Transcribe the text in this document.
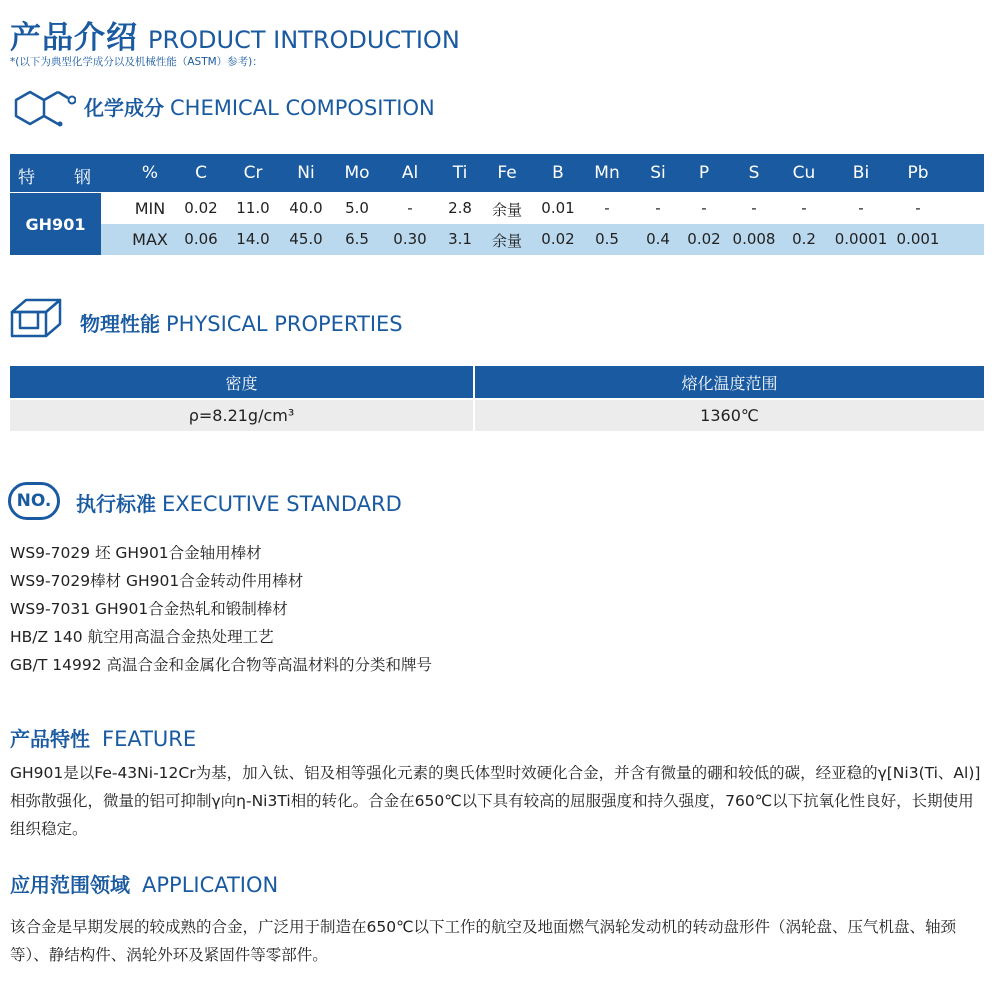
产品介绍 PRODUCT INTRODUCTION
*(以下为典型化学成分以及机械性能（ASTM）参考)：
化学成分 CHEMICAL COMPOSITION
GH901
特 钢	% C Cr Ni Mo Al Ti Fe B Mn Si P S Cu Bi Pb
MIN 0.02 11.0 40.0 5.0	- 2.8 余量 0.01 -	-	-	-	-	-	-
MAX 0.06 14.0 45.0 6.5 0.30 3.1 余量 0.02 0.5 0.4 0.02 0.008 0.2 0.0001 0.001
物理性能 PHYSICAL PROPERTIES
密度	熔化温度范围
ρ=8.21g/cm³	1360℃
NO.	执行标准 EXECUTIVE STANDARD
WS9-7029 坯 GH901合金轴用棒材
WS9-7029棒材 GH901合金转动件用棒材
WS9-7031 GH901合金热轧和锻制棒材
HB/Z 140 航空用高温合金热处理工艺
GB/T 14992 高温合金和金属化合物等高温材料的分类和牌号
产品特性 FEATURE
GH901是以Fe-43Ni-12Cr为基，加入钛、铝及相等强化元素的奥氏体型时效硬化合金，并含有微量的硼和较低的碳，经亚稳的γ[Ni3(Ti、Al)]相弥散强化，微量的铝可抑制γ向η-Ni3Ti相的转化。合金在650℃以下具有较高的屈服强度和持久强度，760℃以下抗氧化性良好，长期使用组织稳定。
应用范围领域 APPLICATION
该合金是早期发展的较成熟的合金，广泛用于制造在650℃以下工作的航空及地面燃气涡轮发动机的转动盘形件（涡轮盘、压气机盘、轴颈等）、静结构件、涡轮外环及紧固件等零部件。
